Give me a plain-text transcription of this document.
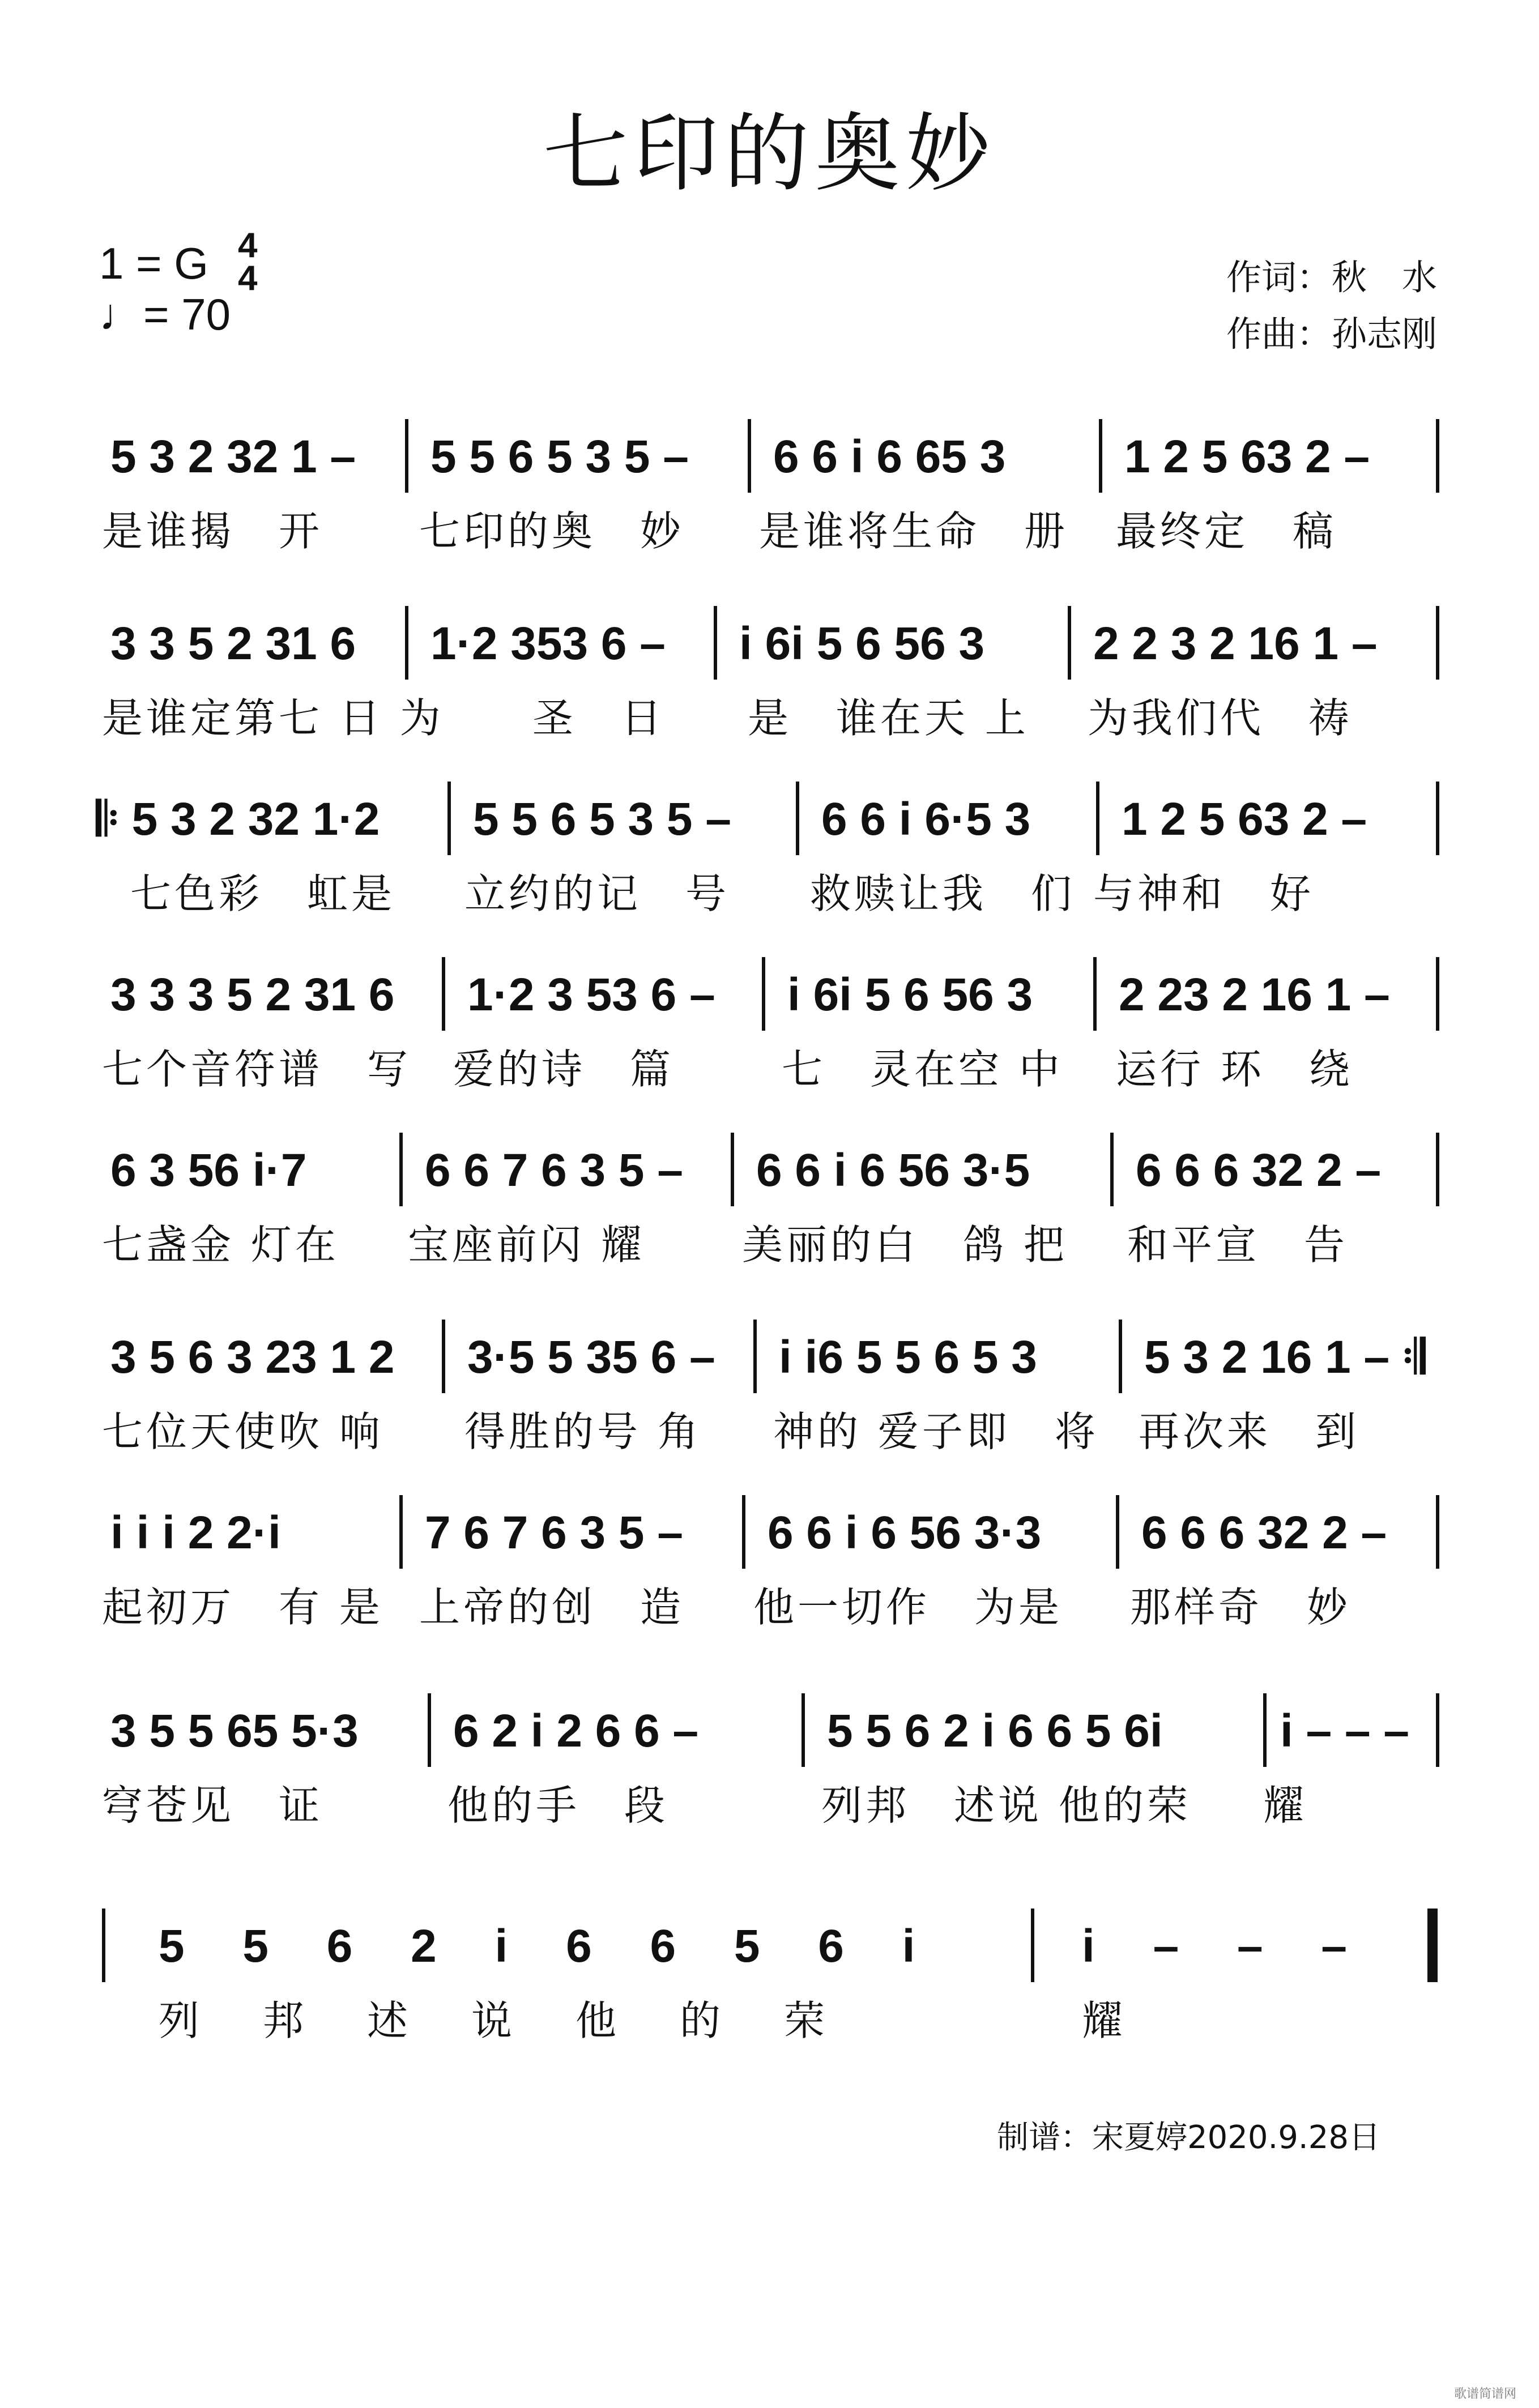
七印的奥妙
1 = G 4
4
♩= 70
作词：秋　水
作曲：孙志刚
5 3 2 32 1 – 5 5 6 5 3 5 – 6 6 i 6 65 3	1 2 5 63 2 –
是谁揭　开 七印的奥　妙 是谁将生命　册 最终定　稿
3 3 5 2 31 6 1·2 353 6 – i 6i 5 6 56 3 2 2 3 2 16 1 –
是谁定第七 日 为 圣　日 是　谁在天 上 为我们代　祷
𝄆 5 3 2 32 1·2 5 5 6 5 3 5 – 6 6 i 6·5 3 1 2 5 63 2 –
七色彩　虹是 立约的记　号 救赎让我　们 与神和　好
3 3 3 5 2 31 6 1·2 3 53 6 – i 6i 5 6 56 3 2 23 2 16 1 –
七个音符谱　写 爱的诗　篇	七　灵在空 中 运行 环　绕
6 3 56 i·7	6 6 7 6 3 5 – 6 6 i 6 56 3·5 6 6 6 32 2 –
七盏金 灯在 宝座前闪 耀 美丽的白　鸽 把 和平宣　告
3 5 6 3 23 1 2 3·5 5 35 6 – i i6 5 5 6 5 3 5 3 2 16 1 – 𝄇
七位天使吹 响 得胜的号 角 神的 爱子即　将 再次来　到
i i i 2 2·i	7 6 7 6 3 5 – 6 6 i 6 56 3·3 6 6 6 32 2 –
起初万　有 是 上帝的创　造 他一切作　为是 那样奇　妙
3 5 5 65 5·3 6 2 i 2 6 6 –	5 5 6 2 i 6 6 5 6i	i – – –
穹苍见　证	他的手　段	列邦　述说 他的荣 耀
5 5 6 2 i 6 6 5 6 i	i – – –
列　邦　述　说　他　的　荣	耀
制谱：宋夏婷2020.9.28日
歌谱简谱网
